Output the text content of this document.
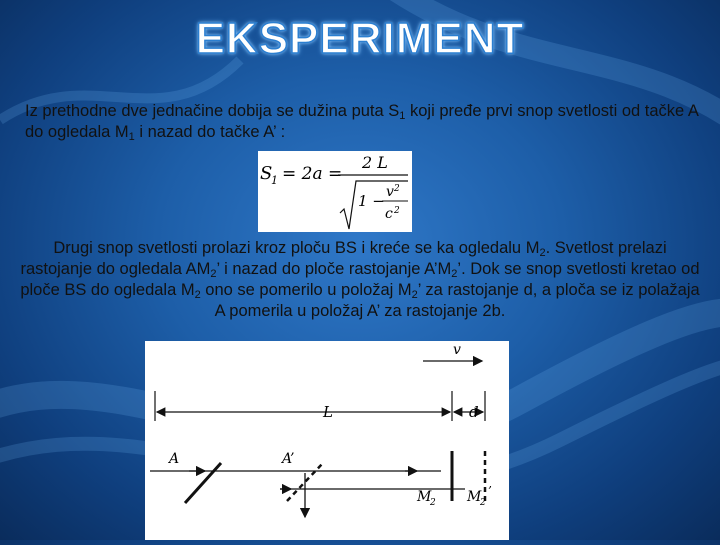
EKSPERIMENT
Iz prethodne dve jednačine dobija se dužina puta $S_1$ koji pređe prvi snop svetlosti od tačke A do ogledala $M_1$ i nazad do tačke A’ :
S
1 = 2a =
2 L
1 − v 2
c 2
Drugi snop svetlosti prolazi kroz ploču BS i kreće se ka ogledalu $M_2$. Svetlost prelazi rastojanje do ogledala $AM_2$’ i nazad do ploče rastojanje $A’M_2$’. Dok se snop svetlosti kretao od ploče BS do ogledala $M_2$ ono se pomerilo u položaj $M_2$’ za rastojanje d, a ploča se iz polažaja A pomerila u položaj A’ za rastojanje 2b.
v
L	d
A	A’
M
2 M
2
’
